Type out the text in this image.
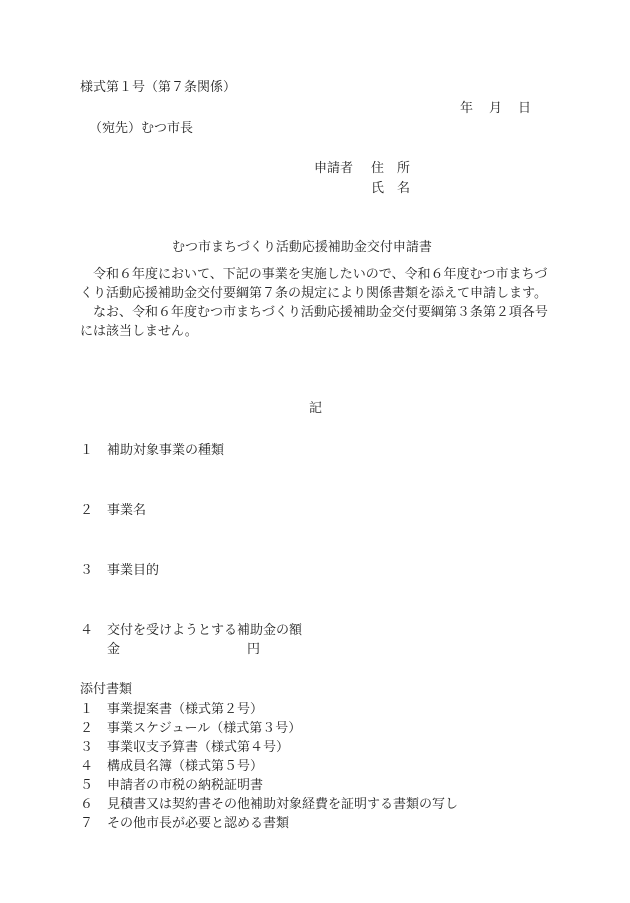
様式第１号（第７条関係）
年 月 日
（宛先）むつ市長
申請者 住　所
氏　名
むつ市まちづくり活動応援補助金交付申請書

令和６年度において、下記の事業を実施したいので、令和６年度むつ市まちづくり活動応援補助金交付要綱第７条の規定により関係書類を添えて申請します。

なお、令和６年度むつ市まちづくり活動応援補助金交付要綱第３条第２項各号には該当しません。

記
１	補助対象事業の種類
２	事業名
３	事業目的
４	交付を受けようとする補助金の額
金	円
添付書類
１ 事業提案書（様式第２号）
２ 事業スケジュール（様式第３号）
３ 事業収支予算書（様式第４号）
４ 構成員名簿（様式第５号）
５ 申請者の市税の納税証明書
６ 見積書又は契約書その他補助対象経費を証明する書類の写し
７ その他市長が必要と認める書類
